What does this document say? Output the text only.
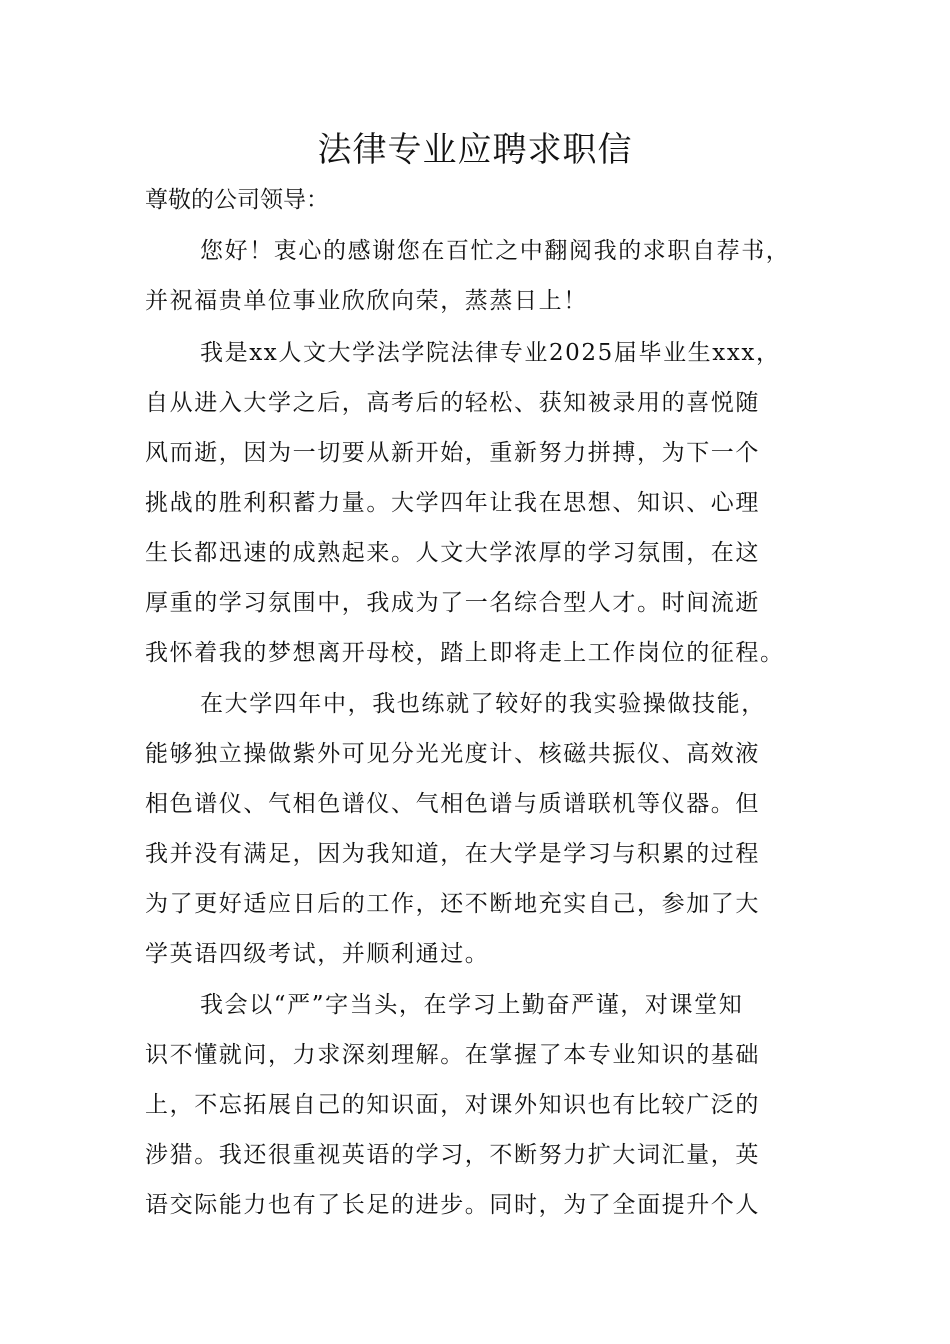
法律专业应聘求职信

尊敬的公司领导：

您好！衷心的感谢您在百忙之中翻阅我的求职自荐书，

并祝福贵单位事业欣欣向荣，蒸蒸日上！

我是xx人文大学法学院法律专业2025届毕业生xxx，

自从进入大学之后，高考后的轻松、获知被录用的喜悦随

风而逝，因为一切要从新开始，重新努力拼搏，为下一个

挑战的胜利积蓄力量。大学四年让我在思想、知识、心理

生长都迅速的成熟起来。人文大学浓厚的学习氛围，在这

厚重的学习氛围中，我成为了一名综合型人才。时间流逝

我怀着我的梦想离开母校，踏上即将走上工作岗位的征程。

在大学四年中，我也练就了较好的我实验操做技能，

能够独立操做紫外可见分光光度计、核磁共振仪、高效液

相色谱仪、气相色谱仪、气相色谱与质谱联机等仪器。但

我并没有满足，因为我知道，在大学是学习与积累的过程

为了更好适应日后的工作，还不断地充实自己，参加了大

学英语四级考试，并顺利通过。

我会以“严”字当头，在学习上勤奋严谨，对课堂知

识不懂就问，力求深刻理解。在掌握了本专业知识的基础

上，不忘拓展自己的知识面，对课外知识也有比较广泛的

涉猎。我还很重视英语的学习，不断努力扩大词汇量，英

语交际能力也有了长足的进步。同时，为了全面提升个人
